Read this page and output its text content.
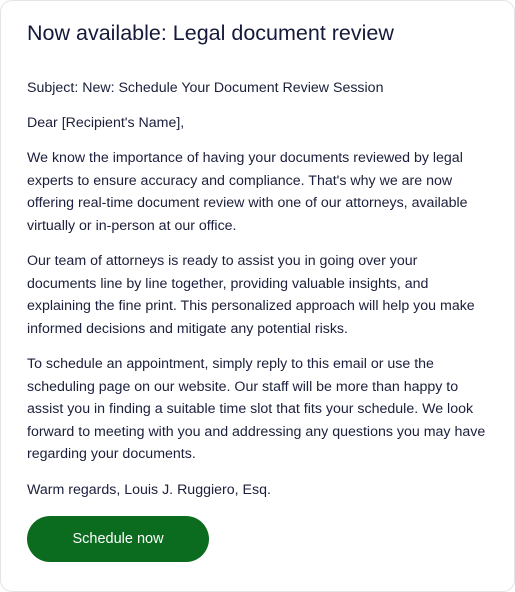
Now available: Legal document review

Subject: New: Schedule Your Document Review Session

Dear [Recipient's Name],

We know the importance of having your documents reviewed by legal experts to ensure accuracy and compliance. That's why we are now offering real-time document review with one of our attorneys, available virtually or in-person at our office.

Our team of attorneys is ready to assist you in going over your documents line by line together, providing valuable insights, and explaining the fine print. This personalized approach will help you make informed decisions and mitigate any potential risks.

To schedule an appointment, simply reply to this email or use the scheduling page on our website. Our staff will be more than happy to assist you in finding a suitable time slot that fits your schedule. We look forward to meeting with you and addressing any questions you may have regarding your documents.

Warm regards, Louis J. Ruggiero, Esq.

Schedule now
